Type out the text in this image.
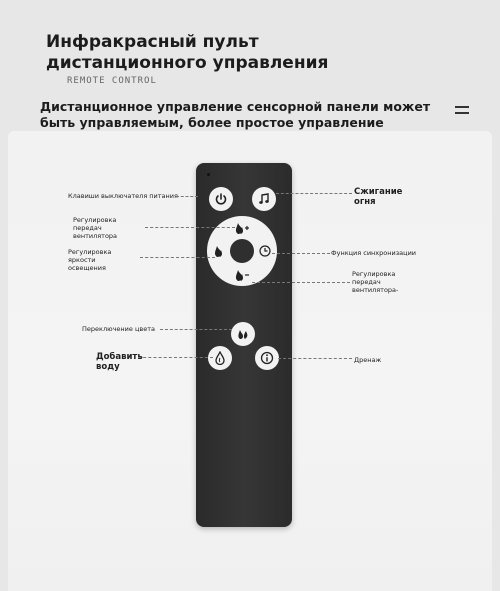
Инфракрасный пульт
дистанционного управления
REMOTE CONTROL
Дистанционное управление сенсорной панели может
быть управляемым, более простое управление
Клавиши выключателя питания
Регулировка
передач
вентилятора
Регулировка
яркости
освещения
Переключение цвета
Добавить
воду
Сжигание
огня
Функция синхронизации
Регулировка
передач
вентилятора-
Дренаж
